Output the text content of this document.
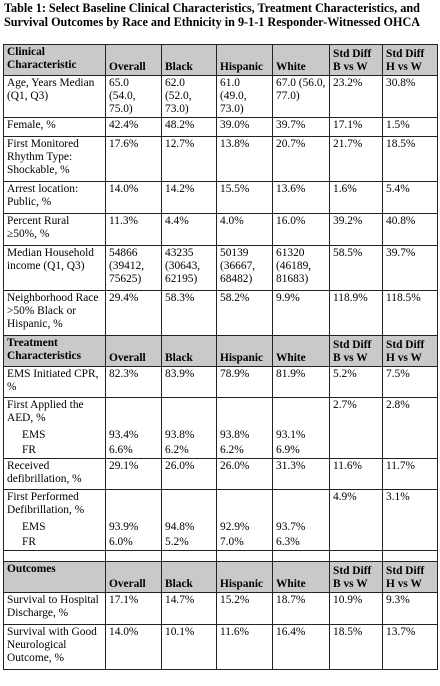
Table 1: Select Baseline Clinical Characteristics, Treatment Characteristics, and Survival Outcomes by Race and Ethnicity in 9-1-1 Responder-Witnessed OHCA
Clinical Characteristic	Overall	Black	Hispanic	White	Std Diff B vs W	Std Diff H vs W
Age, Years Median (Q1, Q3)	65.0 (54.0, 75.0)	62.0 (52.0, 73.0)	61.0 (49.0, 73.0)	67.0 (56.0, 77.0)	23.2%	30.8%
Female, %	42.4%	48.2%	39.0%	39.7%	17.1%	1.5%
First Monitored Rhythm Type: Shockable, %	17.6%	12.7%	13.8%	20.7%	21.7%	18.5%
Arrest location: Public, %	14.0%	14.2%	15.5%	13.6%	1.6%	5.4%
Percent Rural ≥50%, %	11.3%	4.4%	4.0%	16.0%	39.2%	40.8%
Median Household income (Q1, Q3)	54866 (39412, 75625)	43235 (30643, 62195)	50139 (36667, 68482)	61320 (46189, 81683)	58.5%	39.7%
Neighborhood Race >50% Black or Hispanic, %	29.4%	58.3%	58.2%	9.9%	118.9%	118.5%
Treatment Characteristics	Overall	Black	Hispanic	White	Std Diff B vs W	Std Diff H vs W
EMS Initiated CPR, %	82.3%	83.9%	78.9%	81.9%	5.2%	7.5%
First Applied the AED, %					2.7%	2.8%
EMS	93.4%	93.8%	93.8%	93.1%		
FR	6.6%	6.2%	6.2%	6.9%		
Received defibrillation, %	29.1%	26.0%	26.0%	31.3%	11.6%	11.7%
First Performed Defibrillation, %					4.9%	3.1%
EMS	93.9%	94.8%	92.9%	93.7%		
FR	6.0%	5.2%	7.0%	6.3%		

Outcomes	Overall	Black	Hispanic	White	Std Diff B vs W	Std Diff H vs W
Survival to Hospital Discharge, %	17.1%	14.7%	15.2%	18.7%	10.9%	9.3%
Survival with Good Neurological Outcome, %	14.0%	10.1%	11.6%	16.4%	18.5%	13.7%
